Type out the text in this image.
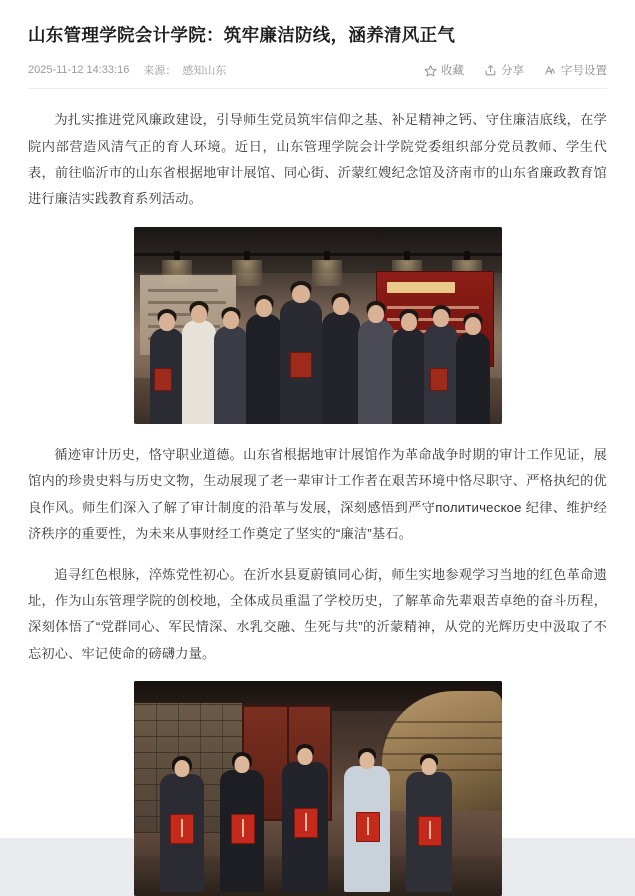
山东管理学院会计学院：筑牢廉洁防线，涵养清风正气
2025-11-12 14:33:16 来源： 感知山东	收藏	分享	字号设置

为扎实推进党风廉政建设，引导师生党员筑牢信仰之基、补足精神之钙、守住廉洁底线，在学院内部营造风清气正的育人环境。近日，山东管理学院会计学院党委组织部分党员教师、学生代表，前往临沂市的山东省根据地审计展馆、同心街、沂蒙红嫂纪念馆及济南市的山东省廉政教育馆进行廉洁实践教育系列活动。

循迹审计历史，恪守职业道德。山东省根据地审计展馆作为革命战争时期的审计工作见证，展馆内的珍贵史料与历史文物，生动展现了老一辈审计工作者在艰苦环境中恪尽职守、严格执纪的优良作风。师生们深入了解了审计制度的沿革与发展，深刻感悟到严守политическое 纪律、维护经济秩序的重要性，为未来从事财经工作奠定了坚实的“廉洁”基石。

追寻红色根脉，淬炼党性初心。在沂水县夏蔚镇同心街，师生实地参观学习当地的红色革命遗址，作为山东管理学院的创校地，全体成员重温了学校历史，了解革命先辈艰苦卓绝的奋斗历程，深刻体悟了“党群同心、军民情深、水乳交融、生死与共”的沂蒙精神，从党的光辉历史中汲取了不忘初心、牢记使命的磅礴力量。
